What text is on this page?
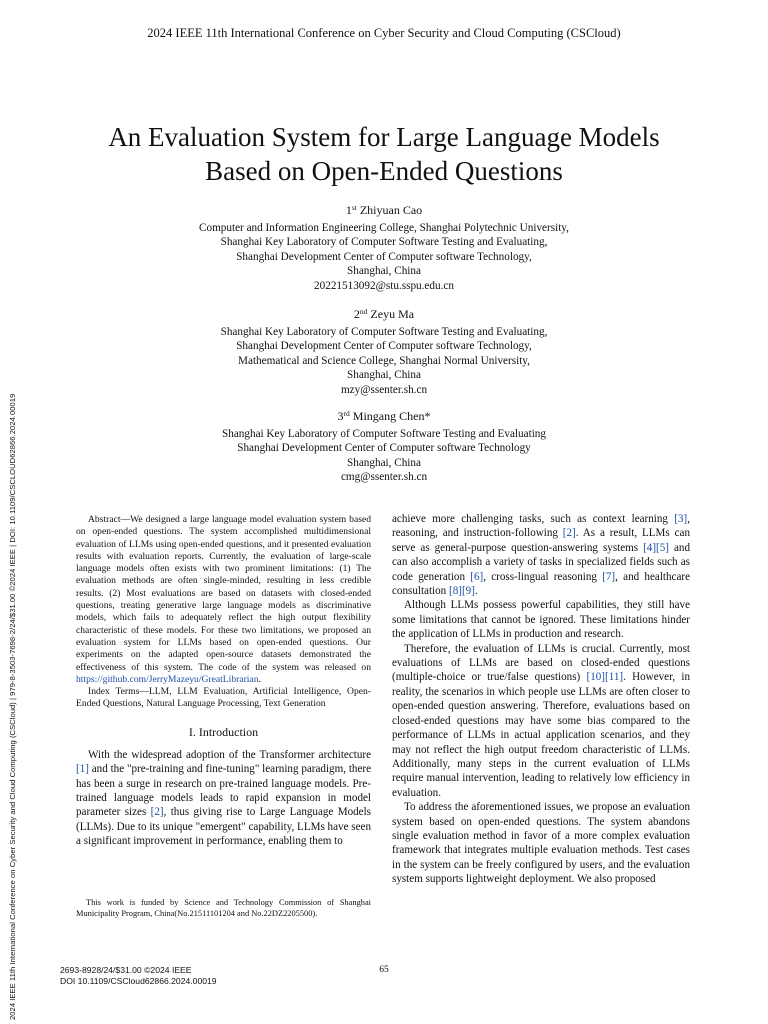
2024 IEEE 11th International Conference on Cyber Security and Cloud Computing (CSCloud)
2024 IEEE 11th International Conference on Cyber Security and Cloud Computing (CSCloud) | 979-8-3503-7698-2/24/$31.00 ©2024 IEEE | DOI: 10.1109/CSCLOUD62866.2024.00019
An Evaluation System for Large Language Models
Based on Open-Ended Questions
1st Zhiyuan Cao
Computer and Information Engineering College, Shanghai Polytechnic University,
Shanghai Key Laboratory of Computer Software Testing and Evaluating,
Shanghai Development Center of Computer software Technology,
Shanghai, China
20221513092@stu.sspu.edu.cn
2nd Zeyu Ma
Shanghai Key Laboratory of Computer Software Testing and Evaluating,
Shanghai Development Center of Computer software Technology,
Mathematical and Science College, Shanghai Normal University,
Shanghai, China
mzy@ssenter.sh.cn
3rd Mingang Chen*
Shanghai Key Laboratory of Computer Software Testing and Evaluating
Shanghai Development Center of Computer software Technology
Shanghai, China
cmg@ssenter.sh.cn

Abstract—We designed a large language model evaluation system based on open-ended questions. The system accomplished multidimensional evaluation of LLMs using open-ended questions, and it presented evaluation results with evaluation reports. Currently, the evaluation of large-scale language models often exists with two prominent limitations: (1) The evaluation methods are often single-minded, resulting in less credible results. (2) Most evaluations are based on datasets with closed-ended questions, treating generative large language models as discriminative models, which fails to adequately reflect the high output flexibility characteristic of these models. For these two limitations, we proposed an evaluation system for LLMs based on open-ended questions. Our experiments on the adapted open-source datasets demonstrated the effectiveness of this system. The code of the system was released on https://github.com/JerryMazeyu/GreatLibrarian.

Index Terms—LLM, LLM Evaluation, Artificial Intelligence, Open-Ended Questions, Natural Language Processing, Text Generation

I. Introduction

With the widespread adoption of the Transformer architecture [1] and the "pre-training and fine-tuning" learning paradigm, there has been a surge in research on pre-trained language models. Pre-trained language models leads to rapid expansion in model parameter sizes [2], thus giving rise to Large Language Models (LLMs). Due to its unique "emergent" capability, LLMs have seen a significant improvement in performance, enabling them to

achieve more challenging tasks, such as context learning [3], reasoning, and instruction-following [2]. As a result, LLMs can serve as general-purpose question-answering systems [4][5] and can also accomplish a variety of tasks in specialized fields such as code generation [6], cross-lingual reasoning [7], and healthcare consultation [8][9].

Although LLMs possess powerful capabilities, they still have some limitations that cannot be ignored. These limitations hinder the application of LLMs in production and research.

Therefore, the evaluation of LLMs is crucial. Currently, most evaluations of LLMs are based on closed-ended questions (multiple-choice or true/false questions) [10][11]. However, in reality, the scenarios in which people use LLMs are often closer to open-ended question answering. Therefore, evaluations based on closed-ended questions may have some bias compared to the performance of LLMs in actual application scenarios, and they may not reflect the high output freedom characteristic of LLMs. Additionally, many steps in the current evaluation of LLMs require manual intervention, leading to relatively low efficiency in evaluation.

To address the aforementioned issues, we propose an evaluation system based on open-ended questions. The system abandons single evaluation method in favor of a more complex evaluation framework that integrates multiple evaluation methods. Test cases in the system can be freely configured by users, and the evaluation system supports lightweight deployment. We also proposed

This work is funded by Science and Technology Commission of Shanghai Municipality Program, China(No.21511101204 and No.22DZ2205500).

2693-8928/24/$31.00 ©2024 IEEE
DOI 10.1109/CSCloud62866.2024.00019
65
